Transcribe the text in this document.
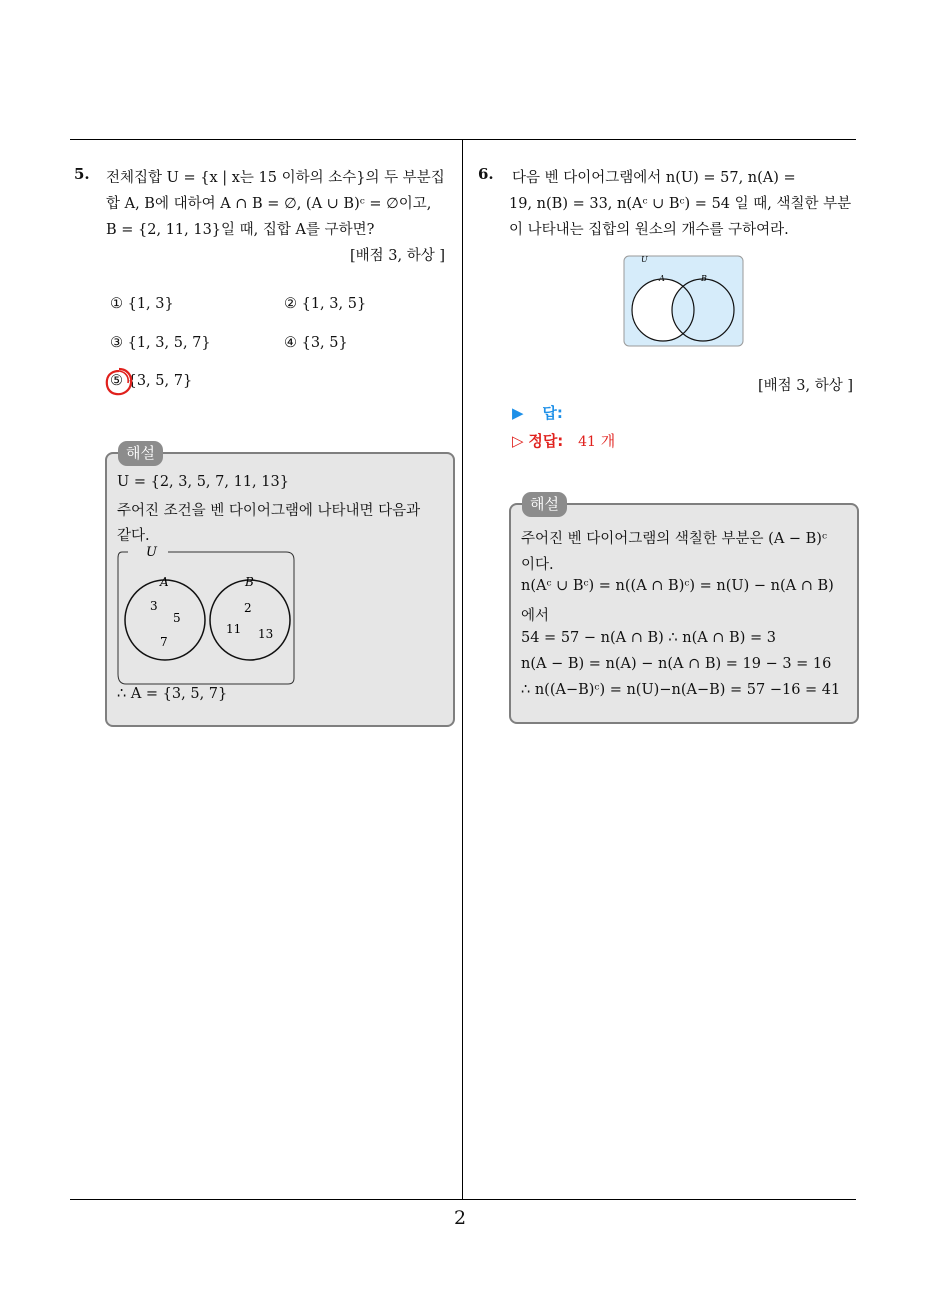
2
5. 전체집합 U = {x | x는 15 이하의 소수}의 두 부분집
합 A, B에 대하여 A ∩ B = ∅, (A ∪ B)ᶜ = ∅이고,
B = {2, 11, 13}일 때, 집합 A를 구하면?
[배점 3, 하상 ]
① {1, 3}	② {1, 3, 5}
③ {1, 3, 5, 7}	④ {3, 5}
⑤ {3, 5, 7}
해설
U = {2, 3, 5, 7, 11, 13}
주어진 조건을 벤 다이어그램에 나타내면 다음과
같다.
U
A	B
3
5
7
2
11 13
∴ A = {3, 5, 7}
6. 다음 벤 다이어그램에서 n(U) = 57, n(A) =
19, n(B) = 33, n(Aᶜ ∪ Bᶜ) = 54 일 때, 색칠한 부분
이 나타내는 집합의 원소의 개수를 구하여라.
U
A	B
[배점 3, 하상 ]
▶ 답:
▷ 정답: 41 개
해설
주어진 벤 다이어그램의 색칠한 부분은 (A − B)ᶜ
이다.
n(Aᶜ ∪ Bᶜ) = n((A ∩ B)ᶜ) = n(U) − n(A ∩ B)
에서
54 = 57 − n(A ∩ B) ∴ n(A ∩ B) = 3
n(A − B) = n(A) − n(A ∩ B) = 19 − 3 = 16
∴ n((A−B)ᶜ) = n(U)−n(A−B) = 57 −16 = 41
